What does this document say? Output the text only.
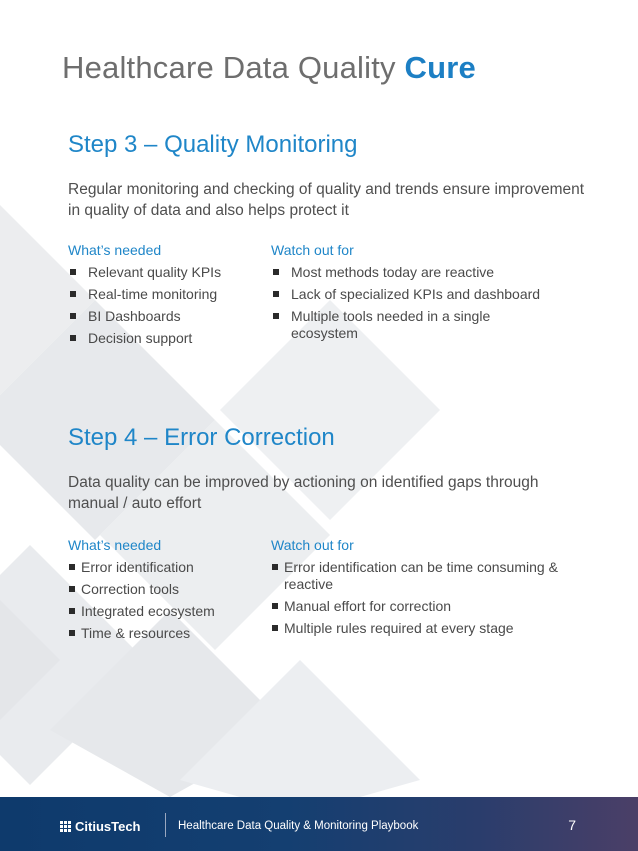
Healthcare Data Quality Cure
Step 3 – Quality Monitoring
Regular monitoring and checking of quality and trends ensure improvement in quality of data and also helps protect it
What’s needed
Relevant quality KPIs
Real-time monitoring
BI Dashboards
Decision support
Watch out for
Most methods today are reactive
Lack of specialized KPIs and dashboard
Multiple tools needed in a single ecosystem
Step 4 – Error Correction
Data quality can be improved by actioning on identified gaps through manual / auto effort
What’s needed
Error identification
Correction tools
Integrated ecosystem
Time & resources
Watch out for
Error identification can be time consuming & reactive
Manual effort for correction
Multiple rules required at every stage
CitiusTech	Healthcare Data Quality & Monitoring Playbook	7
